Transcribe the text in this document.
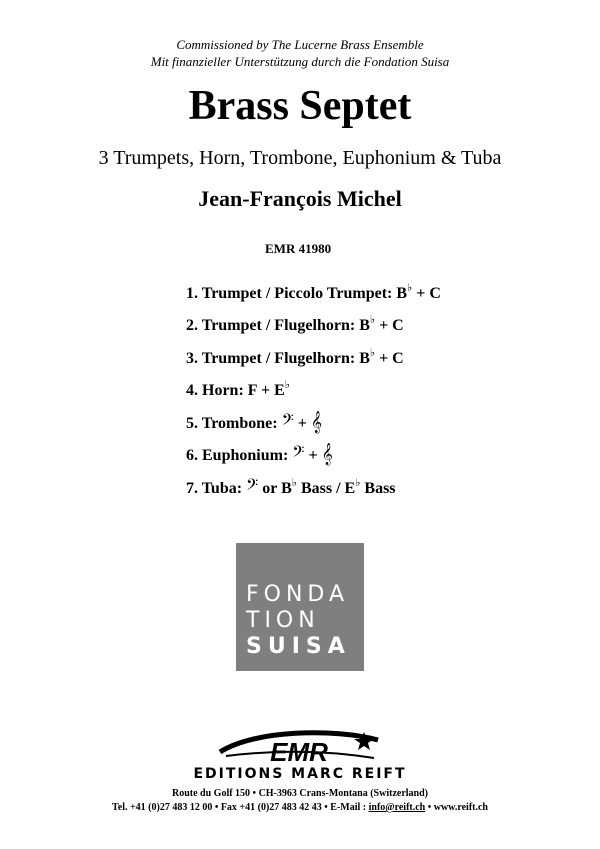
Commissioned by The Lucerne Brass Ensemble
Mit finanzieller Unterstützung durch die Fondation Suisa
Brass Septet
3 Trumpets, Horn, Trombone, Euphonium & Tuba
Jean-François Michel
EMR 41980
1. Trumpet / Piccolo Trumpet: B♭ + C
2. Trumpet / Flugelhorn: B♭ + C
3. Trumpet / Flugelhorn: B♭ + C
4. Horn: F + E♭
5. Trombone: 𝄢 + 𝄞
6. Euphonium: 𝄢 + 𝄞
7. Tuba: 𝄢 or B♭ Bass / E♭ Bass
FONDA
TION
SUISA
EMR
EDITIONS MARC REIFT
Route du Golf 150 • CH-3963 Crans-Montana (Switzerland)
Tel. +41 (0)27 483 12 00 • Fax +41 (0)27 483 42 43 • E-Mail : info@reift.ch • www.reift.ch
